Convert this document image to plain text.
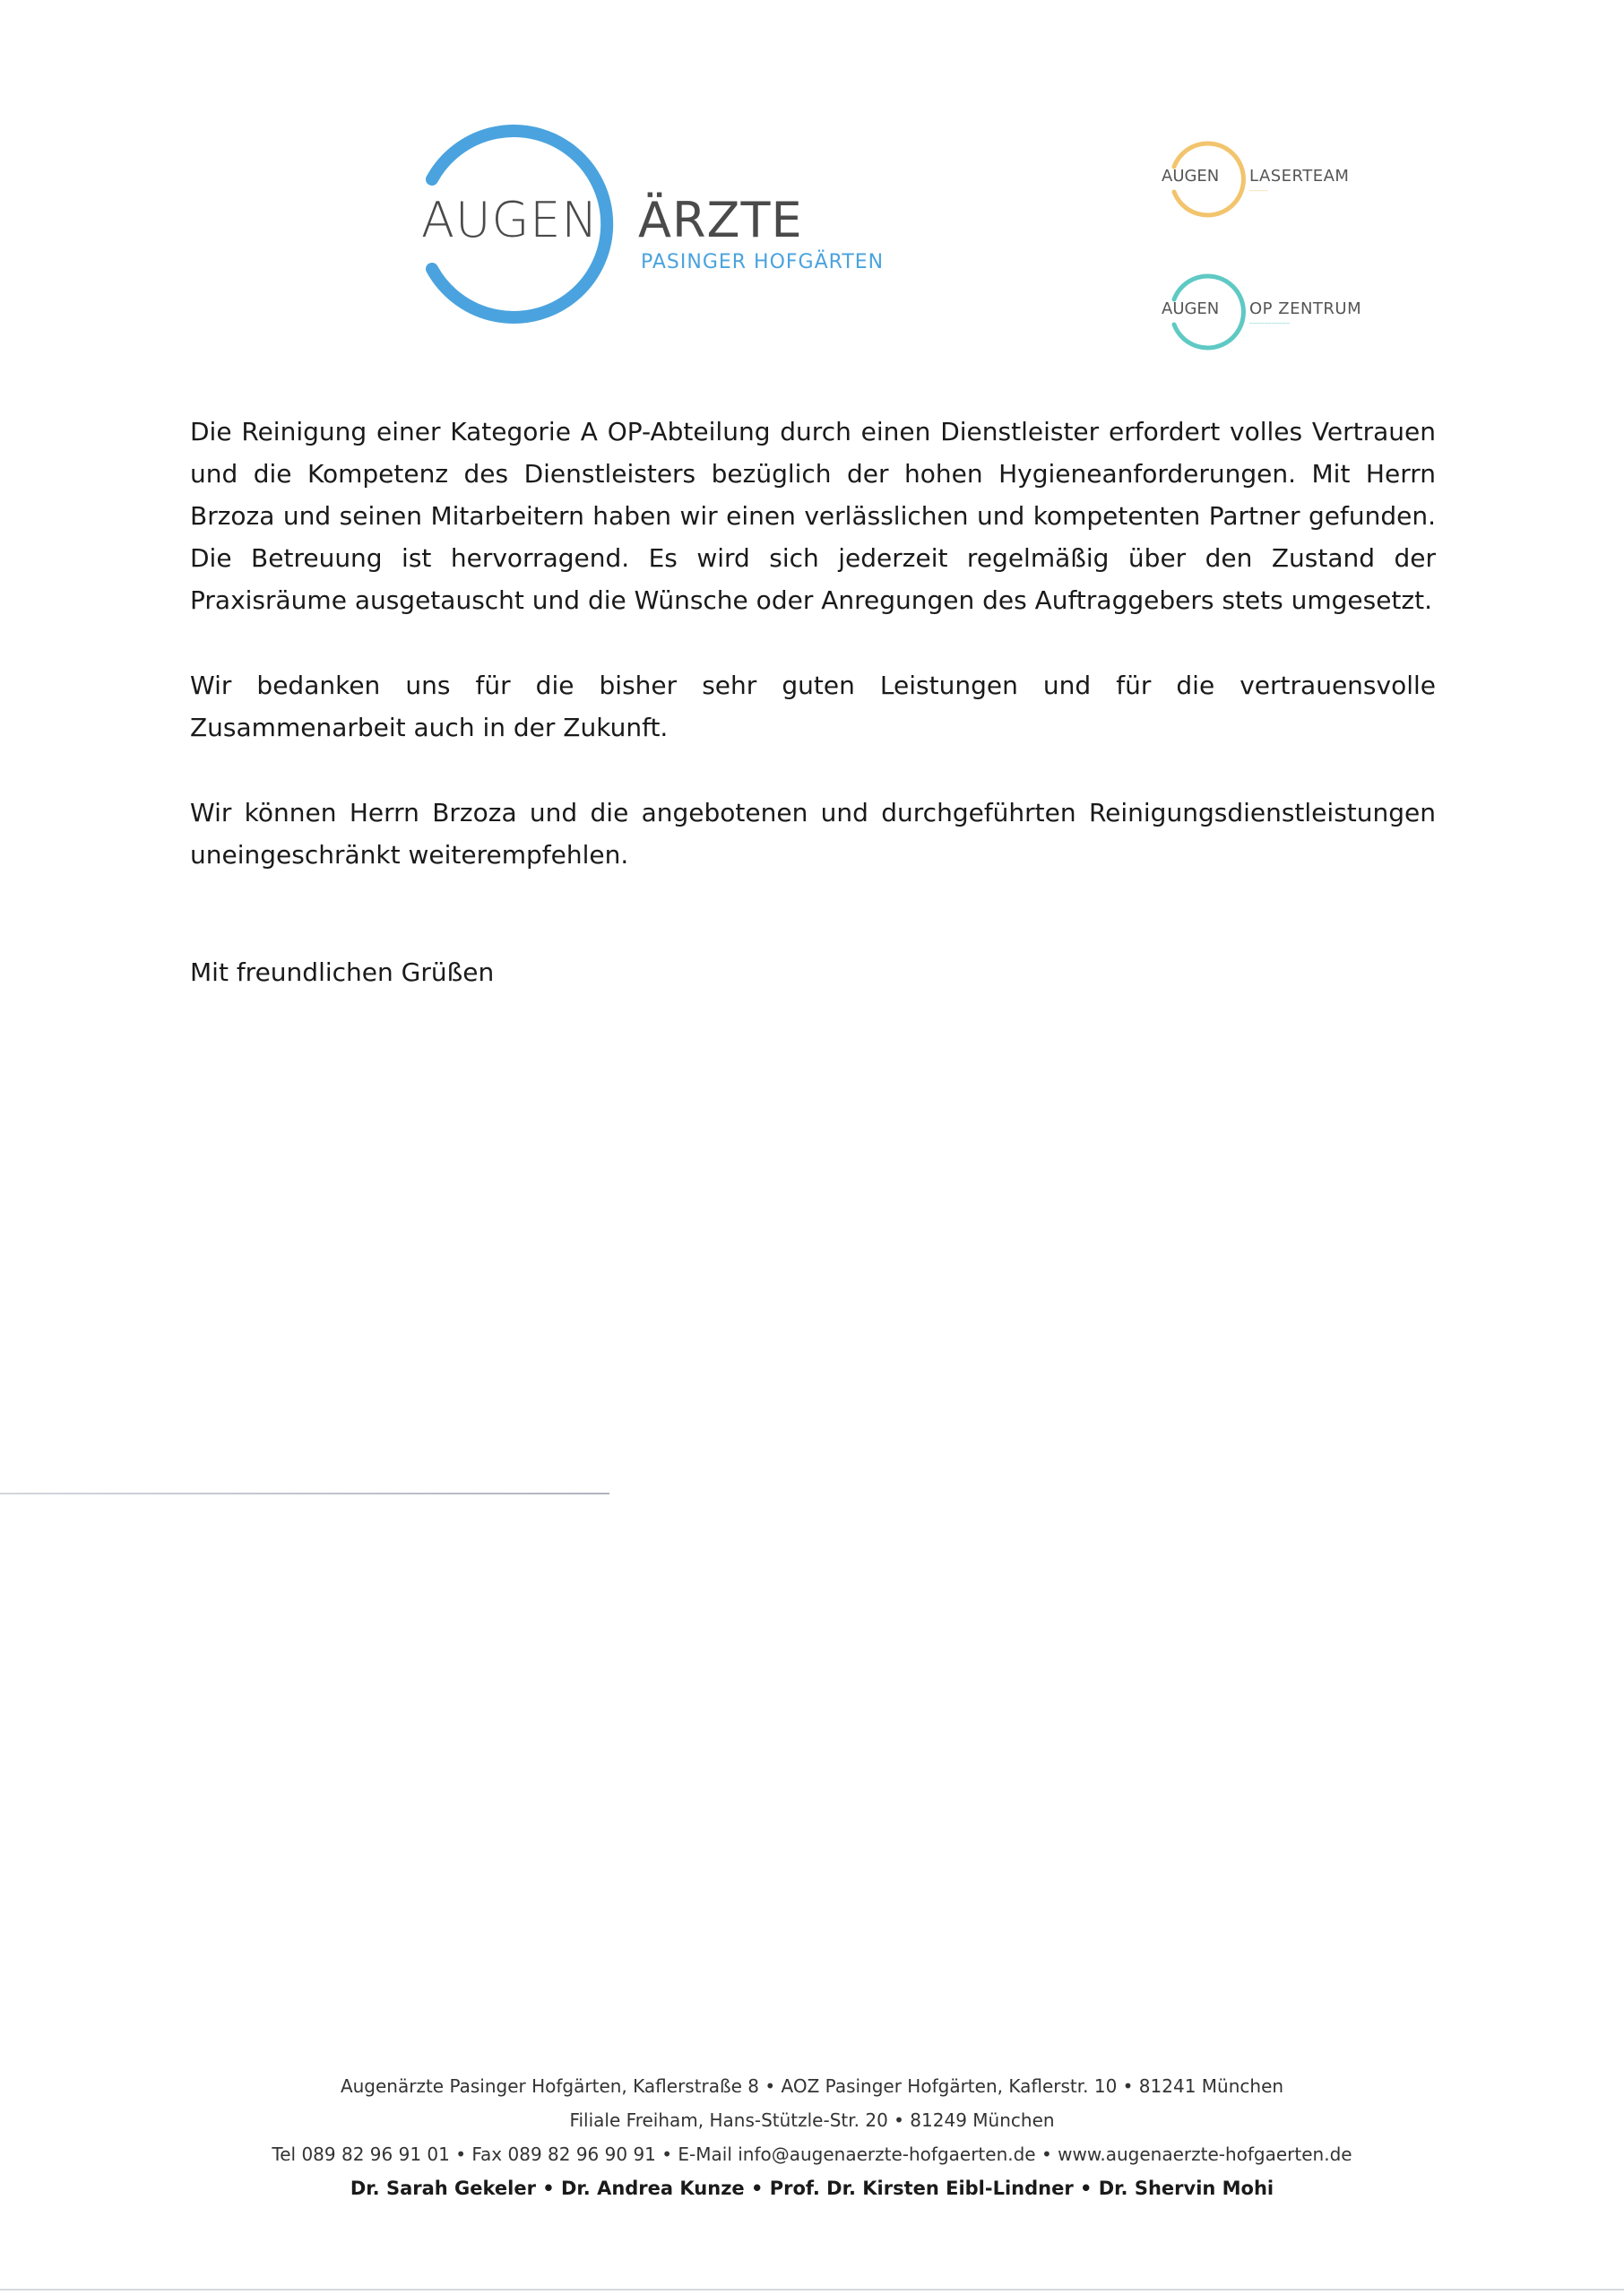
AUGEN ÄRZTE
PASINGER HOFGÄRTEN
AUGEN LASERTEAM
─────
AUGEN OP ZENTRUM
───────────

Die Reinigung einer Kategorie A OP-Abteilung durch einen Dienstleister erfordert volles Vertrauen und die Kompetenz des Dienstleisters bezüglich der hohen Hygieneanforderungen. Mit Herrn Brzoza und seinen Mitarbeitern haben wir einen verlässlichen und kompetenten Partner gefunden. Die Betreuung ist hervorragend. Es wird sich jederzeit regelmäßig über den Zustand der Praxisräume ausgetauscht und die Wünsche oder Anregungen des Auftraggebers stets umgesetzt.

Wir bedanken uns für die bisher sehr guten Leistungen und für die vertrauensvolle Zusammenarbeit auch in der Zukunft.

Wir können Herrn Brzoza und die angebotenen und durchgeführten Reinigungsdienstleistungen uneingeschränkt weiterempfehlen.

Mit freundlichen Grüßen
Augenärzte Pasinger Hofgärten, Kaflerstraße 8 • AOZ Pasinger Hofgärten, Kaflerstr. 10 • 81241 München
Filiale Freiham, Hans-Stützle-Str. 20 • 81249 München
Tel 089 82 96 91 01 • Fax 089 82 96 90 91 • E-Mail info@augenaerzte-hofgaerten.de • www.augenaerzte-hofgaerten.de
Dr. Sarah Gekeler • Dr. Andrea Kunze • Prof. Dr. Kirsten Eibl-Lindner • Dr. Shervin Mohi
